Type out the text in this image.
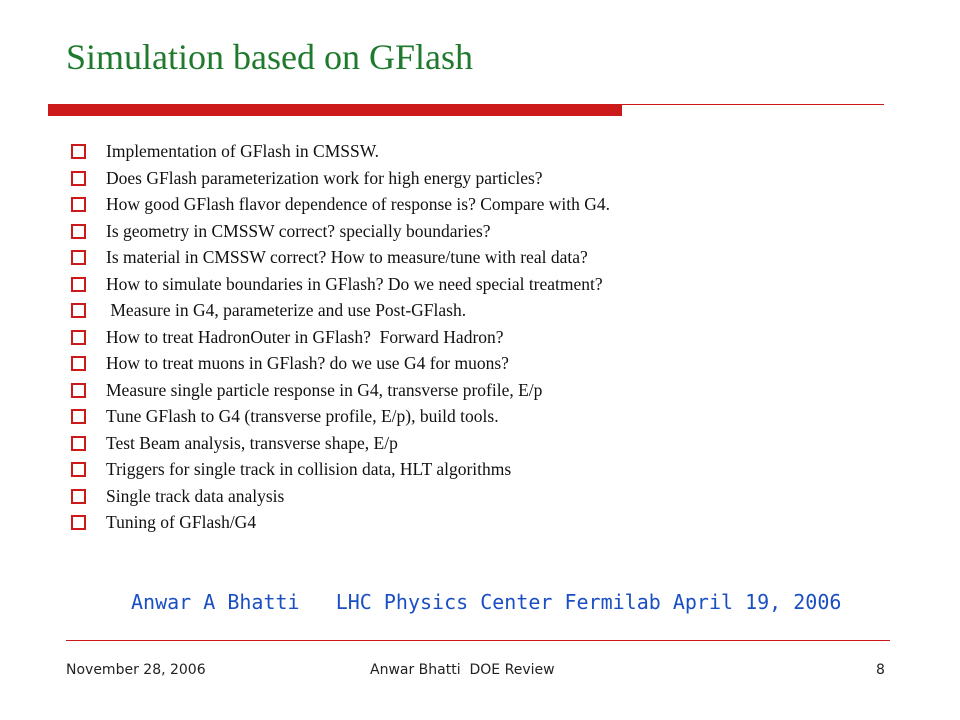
Simulation based on GFlash
Implementation of GFlash in CMSSW.
Does GFlash parameterization work for high energy particles?
How good GFlash flavor dependence of response is? Compare with G4.
Is geometry in CMSSW correct? specially boundaries?
Is material in CMSSW correct? How to measure/tune with real data?
How to simulate boundaries in GFlash? Do we need special treatment?
Measure in G4, parameterize and use Post-GFlash.
How to treat HadronOuter in GFlash?  Forward Hadron?
How to treat muons in GFlash? do we use G4 for muons?
Measure single particle response in G4, transverse profile, E/p
Tune GFlash to G4 (transverse profile, E/p), build tools.
Test Beam analysis, transverse shape, E/p
Triggers for single track in collision data, HLT algorithms
Single track data analysis
Tuning of GFlash/G4
Anwar A Bhatti   LHC Physics Center Fermilab April 19, 2006
November 28, 2006	Anwar Bhatti  DOE Review	8
